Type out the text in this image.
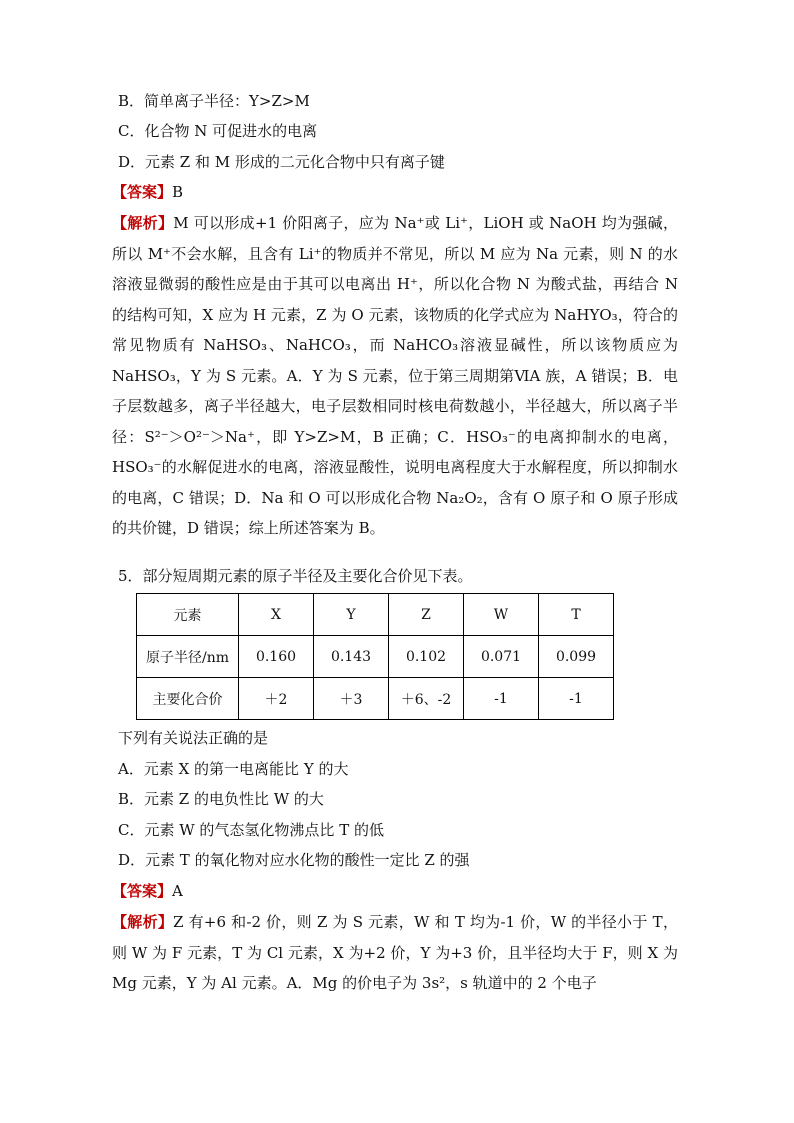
B．简单离子半径：Y>Z>M
C．化合物 N 可促进水的电离
D．元素 Z 和 M 形成的二元化合物中只有离子键
【答案】B
【解析】M 可以形成+1 价阳离子，应为 Na⁺或 Li⁺，LiOH 或 NaOH 均为强碱，所以 M⁺不会水解，且含有 Li⁺的物质并不常见，所以 M 应为 Na 元素，则 N 的水溶液显微弱的酸性应是由于其可以电离出 H⁺，所以化合物 N 为酸式盐，再结合 N 的结构可知，X 应为 H 元素，Z 为 O 元素，该物质的化学式应为 NaHYO₃，符合的常见物质有 NaHSO₃、NaHCO₃，而 NaHCO₃溶液显碱性，所以该物质应为 NaHSO₃，Y 为 S 元素。A．Y 为 S 元素，位于第三周期第ⅥA 族，A 错误；B．电子层数越多，离子半径越大，电子层数相同时核电荷数越小，半径越大，所以离子半径：S²⁻＞O²⁻＞Na⁺，即 Y>Z>M，B 正确；C．HSO₃⁻的电离抑制水的电离，HSO₃⁻的水解促进水的电离，溶液显酸性，说明电离程度大于水解程度，所以抑制水的电离，C 错误；D．Na 和 O 可以形成化合物 Na₂O₂，含有 O 原子和 O 原子形成的共价键，D 错误；综上所述答案为 B。
5．部分短周期元素的原子半径及主要化合价见下表。
元素	X	Y	Z	W	T
原子半径/nm	0.160	0.143	0.102	0.071	0.099
主要化合价	＋2	＋3	＋6、-2	-1	-1
下列有关说法正确的是
A．元素 X 的第一电离能比 Y 的大
B．元素 Z 的电负性比 W 的大
C．元素 W 的气态氢化物沸点比 T 的低
D．元素 T 的氧化物对应水化物的酸性一定比 Z 的强
【答案】A
【解析】Z 有+6 和-2 价，则 Z 为 S 元素，W 和 T 均为-1 价，W 的半径小于 T，则 W 为 F 元素，T 为 Cl 元素，X 为+2 价，Y 为+3 价，且半径均大于 F，则 X 为 Mg 元素，Y 为 Al 元素。A．Mg 的价电子为 3s²，s 轨道中的 2 个电子
